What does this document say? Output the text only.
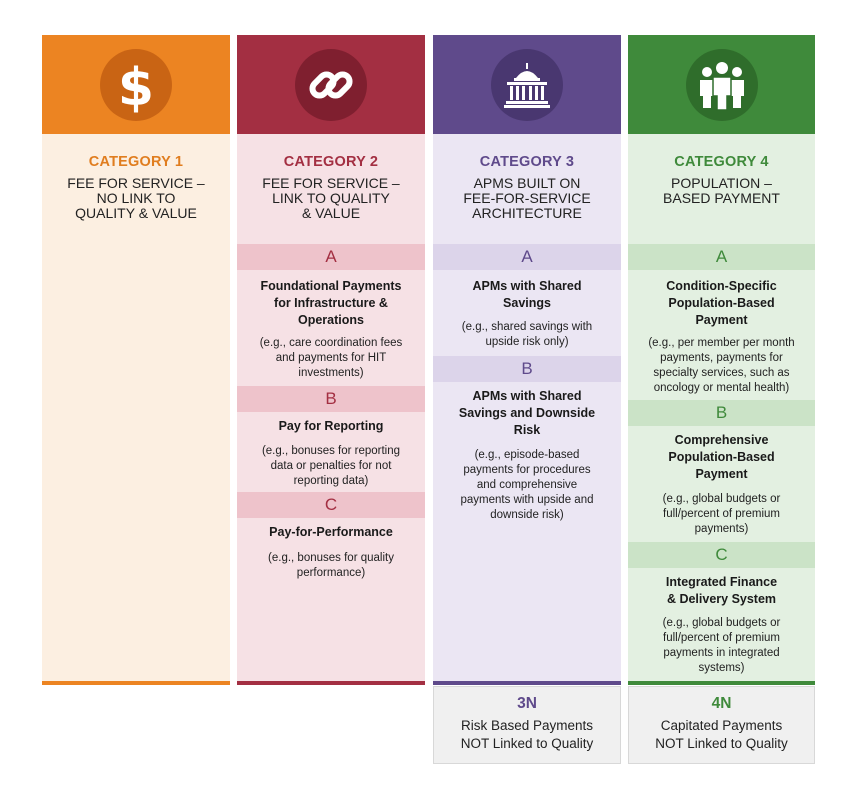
$
CATEGORY 1
FEE FOR SERVICE –
NO LINK TO
QUALITY & VALUE
CATEGORY 2
FEE FOR SERVICE –
LINK TO QUALITY
& VALUE
A
Foundational Payments
for Infrastructure &
Operations
(e.g., care coordination fees
and payments for HIT
investments)
B
Pay for Reporting
(e.g., bonuses for reporting
data or penalties for not
reporting data)
C
Pay-for-Performance
(e.g., bonuses for quality
performance)
CATEGORY 3
APMS BUILT ON
FEE-FOR-SERVICE
ARCHITECTURE
A
APMs with Shared
Savings
(e.g., shared savings with
upside risk only)
B
APMs with Shared
Savings and Downside
Risk
(e.g., episode-based
payments for procedures
and comprehensive
payments with upside and
downside risk)
CATEGORY 4
POPULATION –
BASED PAYMENT
A
Condition-Specific
Population-Based
Payment
(e.g., per member per month
payments, payments for
specialty services, such as
oncology or mental health)
B
Comprehensive
Population-Based
Payment
(e.g., global budgets or
full/percent of premium
payments)
C
Integrated Finance
& Delivery System
(e.g., global budgets or
full/percent of premium
payments in integrated
systems)
3N
Risk Based Payments
NOT Linked to Quality
4N
Capitated Payments
NOT Linked to Quality
